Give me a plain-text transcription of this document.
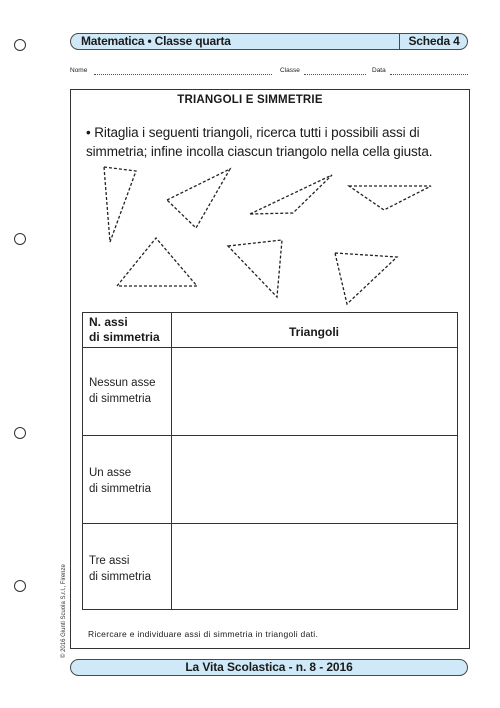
Matematica • Classe quarta	Scheda 4
Nome	Classe	Data
TRIANGOLI E SIMMETRIE
• Ritaglia i seguenti triangoli, ricerca tutti i possibili assi di simmetria; infine incolla ciascun triangolo nella cella giusta.
N. assi
di simmetria	Triangoli
Nessun asse
di simmetria
Un asse
di simmetria
Tre assi
di simmetria
Ricercare e individuare assi di simmetria in triangoli dati.
La Vita Scolastica - n. 8 - 2016
© 2016 Giunti Scuola S.r.l., Firenze
